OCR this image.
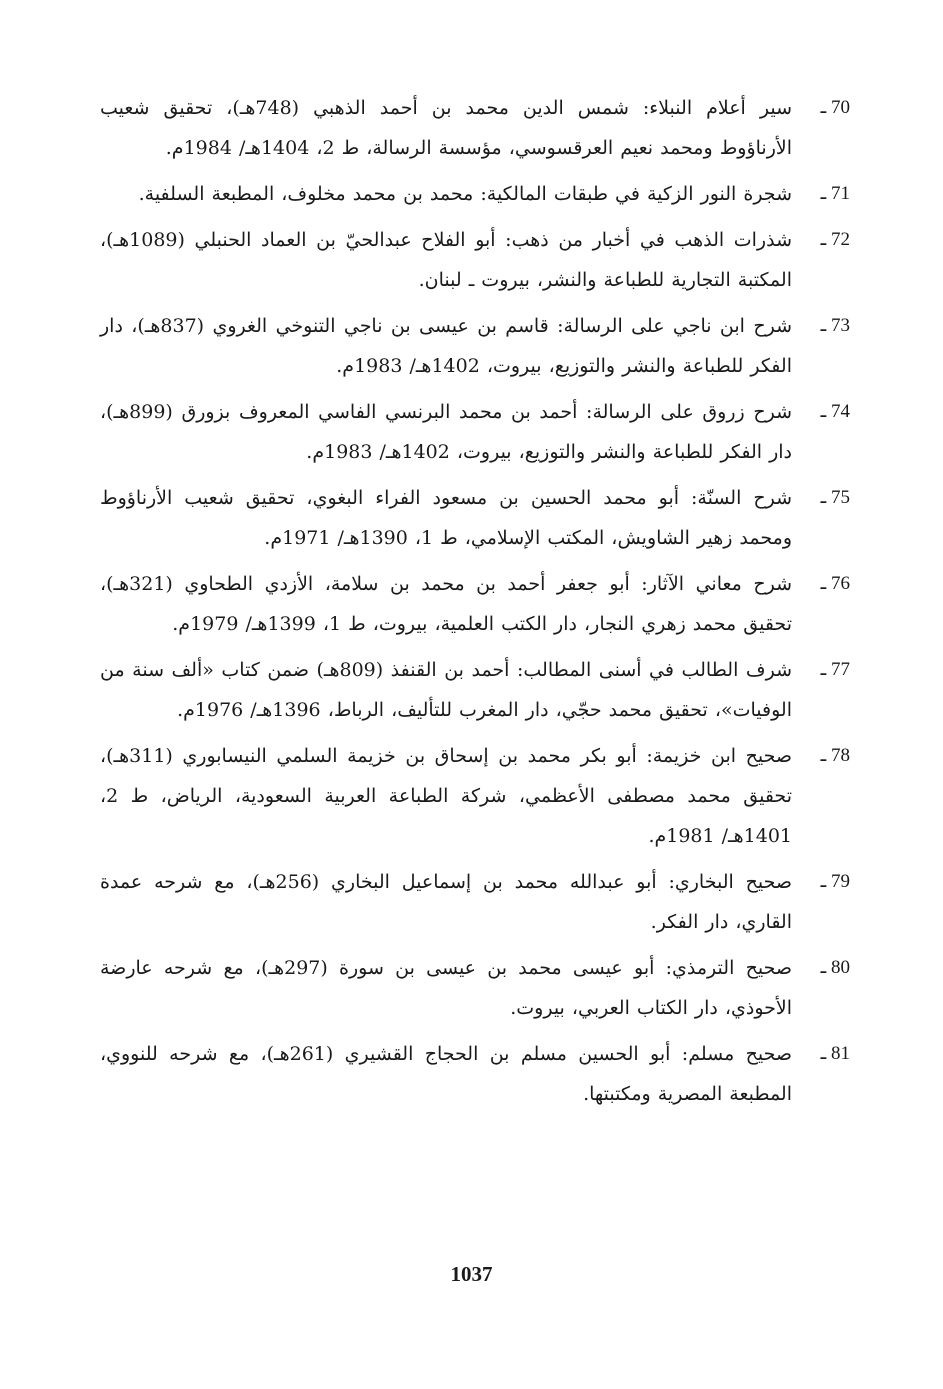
70 ـ
سير أعلام النبلاء: شمس الدين محمد بن أحمد الذهبي (748هـ)، تحقيق شعيب الأرناؤوط ومحمد نعيم العرقسوسي، مؤسسة الرسالة، ط 2، 1404هـ/ 1984م.
71 ـ
شجرة النور الزكية في طبقات المالكية: محمد بن محمد مخلوف، المطبعة السلفية.
72 ـ
شذرات الذهب في أخبار من ذهب: أبو الفلاح عبدالحيّ بن العماد الحنبلي (1089هـ)، المكتبة التجارية للطباعة والنشر، بيروت ـ لبنان.
73 ـ
شرح ابن ناجي على الرسالة: قاسم بن عيسى بن ناجي التنوخي الغروي (837هـ)، دار الفكر للطباعة والنشر والتوزيع، بيروت، 1402هـ/ 1983م.
74 ـ
شرح زروق على الرسالة: أحمد بن محمد البرنسي الفاسي المعروف بزورق (899هـ)، دار الفكر للطباعة والنشر والتوزيع، بيروت، 1402هـ/ 1983م.
75 ـ
شرح السنّة: أبو محمد الحسين بن مسعود الفراء البغوي، تحقيق شعيب الأرناؤوط ومحمد زهير الشاويش، المكتب الإسلامي، ط 1، 1390هـ/ 1971م.
76 ـ
شرح معاني الآثار: أبو جعفر أحمد بن محمد بن سلامة، الأزدي الطحاوي (321هـ)، تحقيق محمد زهري النجار، دار الكتب العلمية، بيروت، ط 1، 1399هـ/ 1979م.
77 ـ
شرف الطالب في أسنى المطالب: أحمد بن القنفذ (809هـ) ضمن كتاب «ألف سنة من الوفيات»، تحقيق محمد حجّي، دار المغرب للتأليف، الرباط، 1396هـ/ 1976م.
78 ـ
صحيح ابن خزيمة: أبو بكر محمد بن إسحاق بن خزيمة السلمي النيسابوري (311هـ)، تحقيق محمد مصطفى الأعظمي، شركة الطباعة العربية السعودية، الرياض، ط 2، 1401هـ/ 1981م.
79 ـ
صحيح البخاري: أبو عبدالله محمد بن إسماعيل البخاري (256هـ)، مع شرحه عمدة القاري، دار الفكر.
80 ـ
صحيح الترمذي: أبو عيسى محمد بن عيسى بن سورة (297هـ)، مع شرحه عارضة الأحوذي، دار الكتاب العربي، بيروت.
81 ـ
صحيح مسلم: أبو الحسين مسلم بن الحجاج القشيري (261هـ)، مع شرحه للنووي، المطبعة المصرية ومكتبتها.
1037
